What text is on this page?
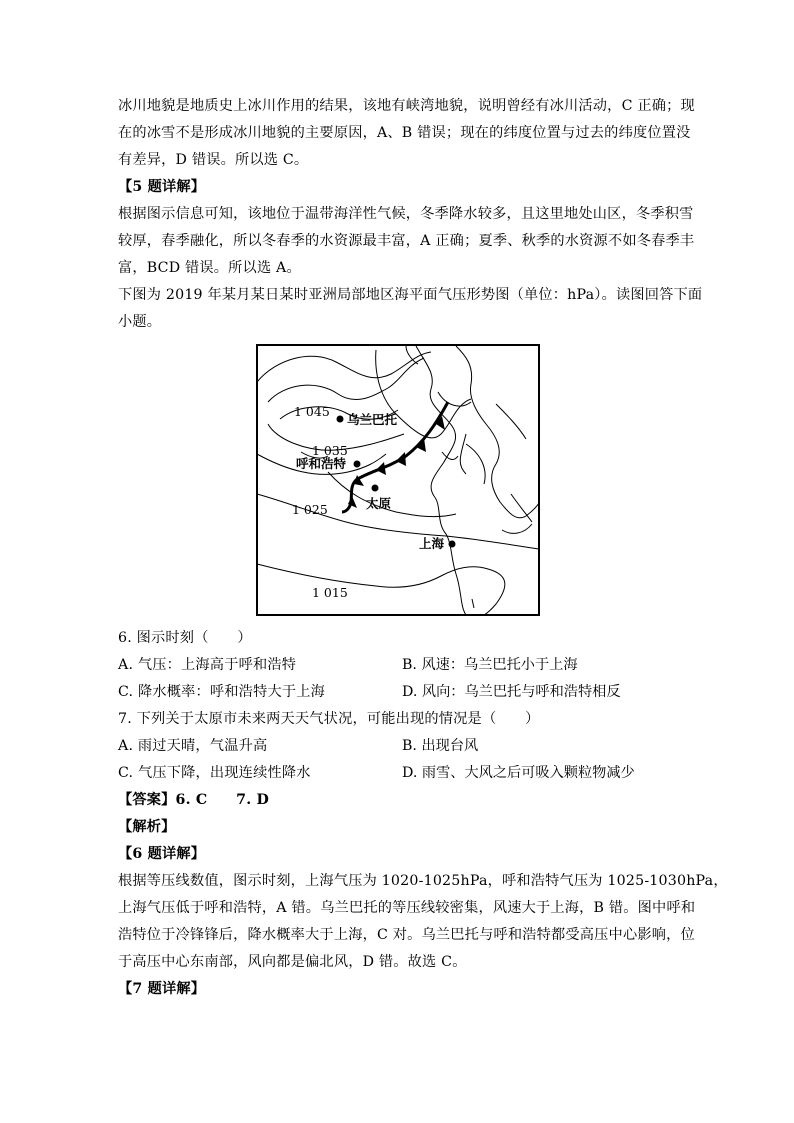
冰川地貌是地质史上冰川作用的结果，该地有峡湾地貌，说明曾经有冰川活动，C 正确；现
在的冰雪不是形成冰川地貌的主要原因，A、B 错误；现在的纬度位置与过去的纬度位置没
有差异，D 错误。所以选 C。
【5 题详解】
根据图示信息可知，该地位于温带海洋性气候，冬季降水较多，且这里地处山区，冬季积雪
较厚，春季融化，所以冬春季的水资源最丰富，A 正确；夏季、秋季的水资源不如冬春季丰
富，BCD 错误。所以选 A。
下图为 2019 年某月某日某时亚洲局部地区海平面气压形势图（单位：hPa）。读图回答下面
小题。
乌兰巴托
呼和浩特
太原
上海
1 045
1 035
1 025
1 015
6. 图示时刻（　　）
A. 气压：上海高于呼和浩特	B. 风速：乌兰巴托小于上海
C. 降水概率：呼和浩特大于上海	D. 风向：乌兰巴托与呼和浩特相反
7. 下列关于太原市未来两天天气状况，可能出现的情况是（　　）
A. 雨过天晴，气温升高	B. 出现台风
C. 气压下降，出现连续性降水	D. 雨雪、大风之后可吸入颗粒物减少
【答案】6. C　　7. D
【解析】
【6 题详解】
根据等压线数值，图示时刻，上海气压为 1020-1025hPa，呼和浩特气压为 1025-1030hPa，
上海气压低于呼和浩特，A 错。乌兰巴托的等压线较密集，风速大于上海，B 错。图中呼和
浩特位于冷锋锋后，降水概率大于上海，C 对。乌兰巴托与呼和浩特都受高压中心影响，位
于高压中心东南部，风向都是偏北风，D 错。故选 C。
【7 题详解】
